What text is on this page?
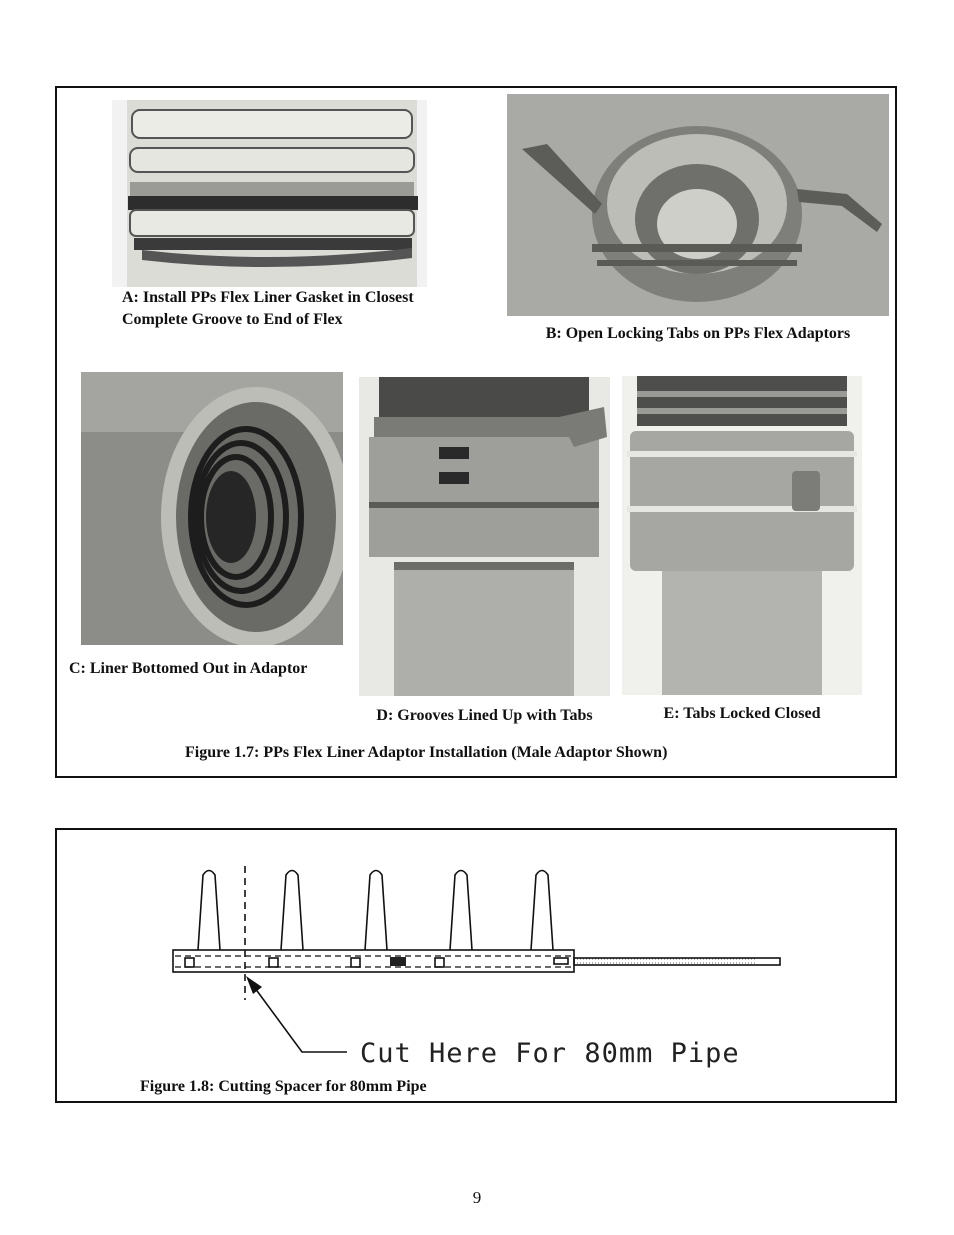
A: Install PPs Flex Liner Gasket in Closest Complete Groove to End of Flex
B: Open Locking Tabs on PPs Flex Adaptors
C: Liner Bottomed Out in Adaptor
D: Grooves Lined Up with Tabs	E: Tabs Locked Closed
Figure 1.7: PPs Flex Liner Adaptor Installation (Male Adaptor Shown)
Cut Here For 80mm Pipe
Figure 1.8: Cutting Spacer for 80mm Pipe
9
